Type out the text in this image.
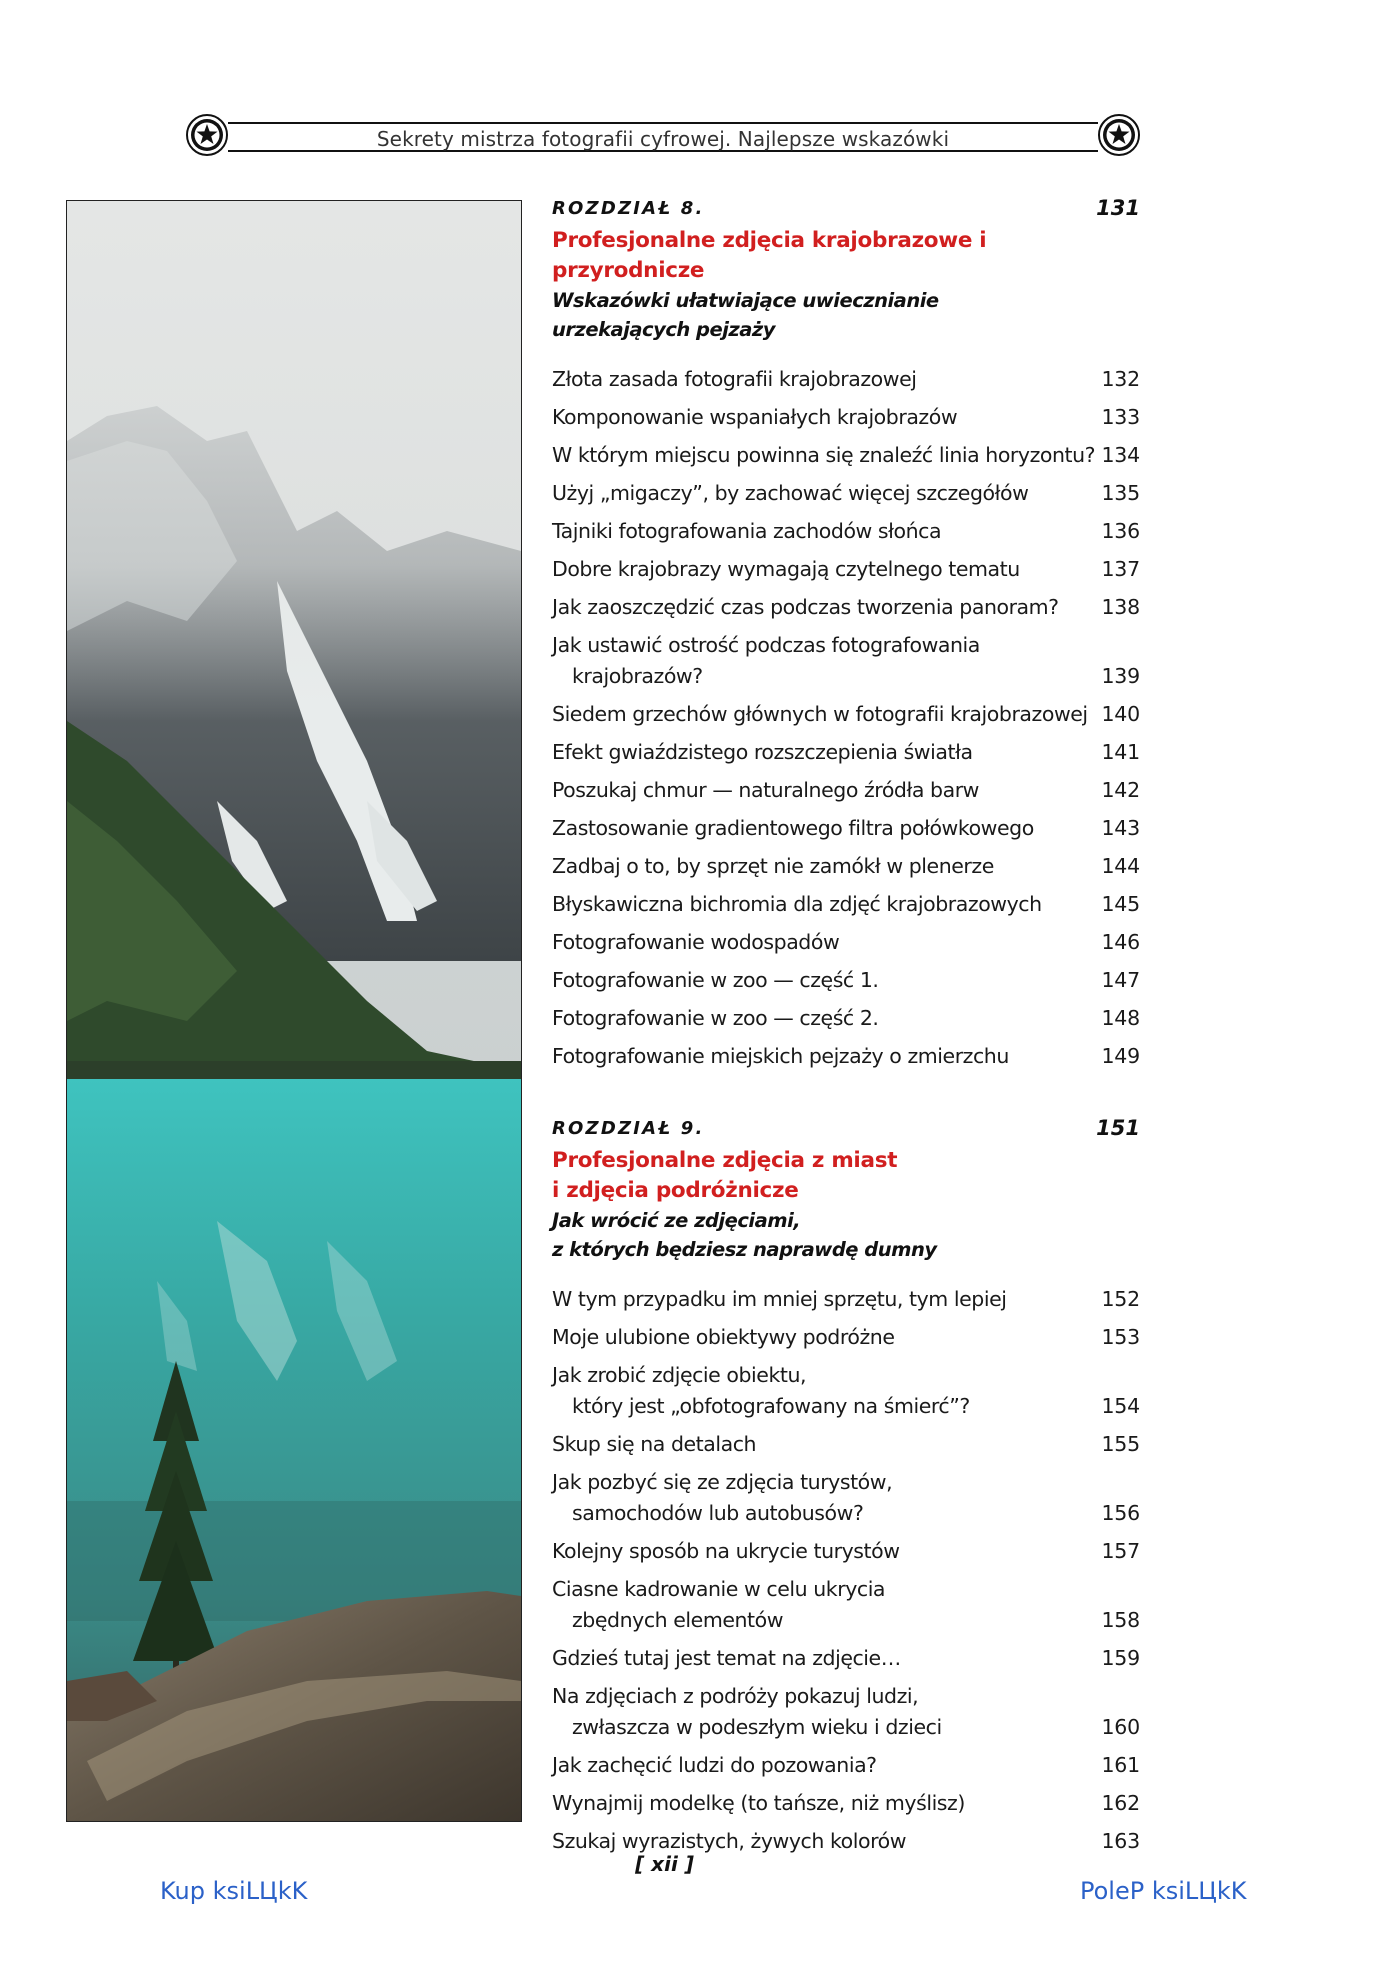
Sekrety mistrza fotografii cyfrowej. Najlepsze wskazówki
ROZDZIAŁ 8.	131
Profesjonalne zdjęcia krajobrazowe i przyrodnicze
Wskazówki ułatwiające uwiecznianie
urzekających pejzaży
Złota zasada fotografii krajobrazowej	132
Komponowanie wspaniałych krajobrazów	133
W którym miejscu powinna się znaleźć linia horyzontu? 134
Użyj „migaczy”, by zachować więcej szczegółów	135
Tajniki fotografowania zachodów słońca	136
Dobre krajobrazy wymagają czytelnego tematu	137
Jak zaoszczędzić czas podczas tworzenia panoram? 138
Jak ustawić ostrość podczas fotografowania
krajobrazów?	139
Siedem grzechów głównych w fotografii krajobrazowej 140
Efekt gwiaździstego rozszczepienia światła	141
Poszukaj chmur — naturalnego źródła barw	142
Zastosowanie gradientowego filtra połówkowego	143
Zadbaj o to, by sprzęt nie zamókł w plenerze	144
Błyskawiczna bichromia dla zdjęć krajobrazowych	145
Fotografowanie wodospadów	146
Fotografowanie w zoo — część 1.	147
Fotografowanie w zoo — część 2.	148
Fotografowanie miejskich pejzaży o zmierzchu	149
ROZDZIAŁ 9.	151
Profesjonalne zdjęcia z miast
i zdjęcia podróżnicze
Jak wrócić ze zdjęciami,
z których będziesz naprawdę dumny
W tym przypadku im mniej sprzętu, tym lepiej	152
Moje ulubione obiektywy podróżne	153
Jak zrobić zdjęcie obiektu,
który jest „obfotografowany na śmierć”?	154
Skup się na detalach	155
Jak pozbyć się ze zdjęcia turystów,
samochodów lub autobusów?	156
Kolejny sposób na ukrycie turystów	157
Ciasne kadrowanie w celu ukrycia
zbędnych elementów	158
Gdzieś tutaj jest temat na zdjęcie…	159
Na zdjęciach z podróży pokazuj ludzi,
zwłaszcza w podeszłym wieku i dzieci	160
Jak zachęcić ludzi do pozowania?	161
Wynajmij modelkę (to tańsze, niż myślisz)	162
Szukaj wyrazistych, żywych kolorów	163
[ xii ]
Kup ksiLЦkK	PoleP ksiLЦkK
